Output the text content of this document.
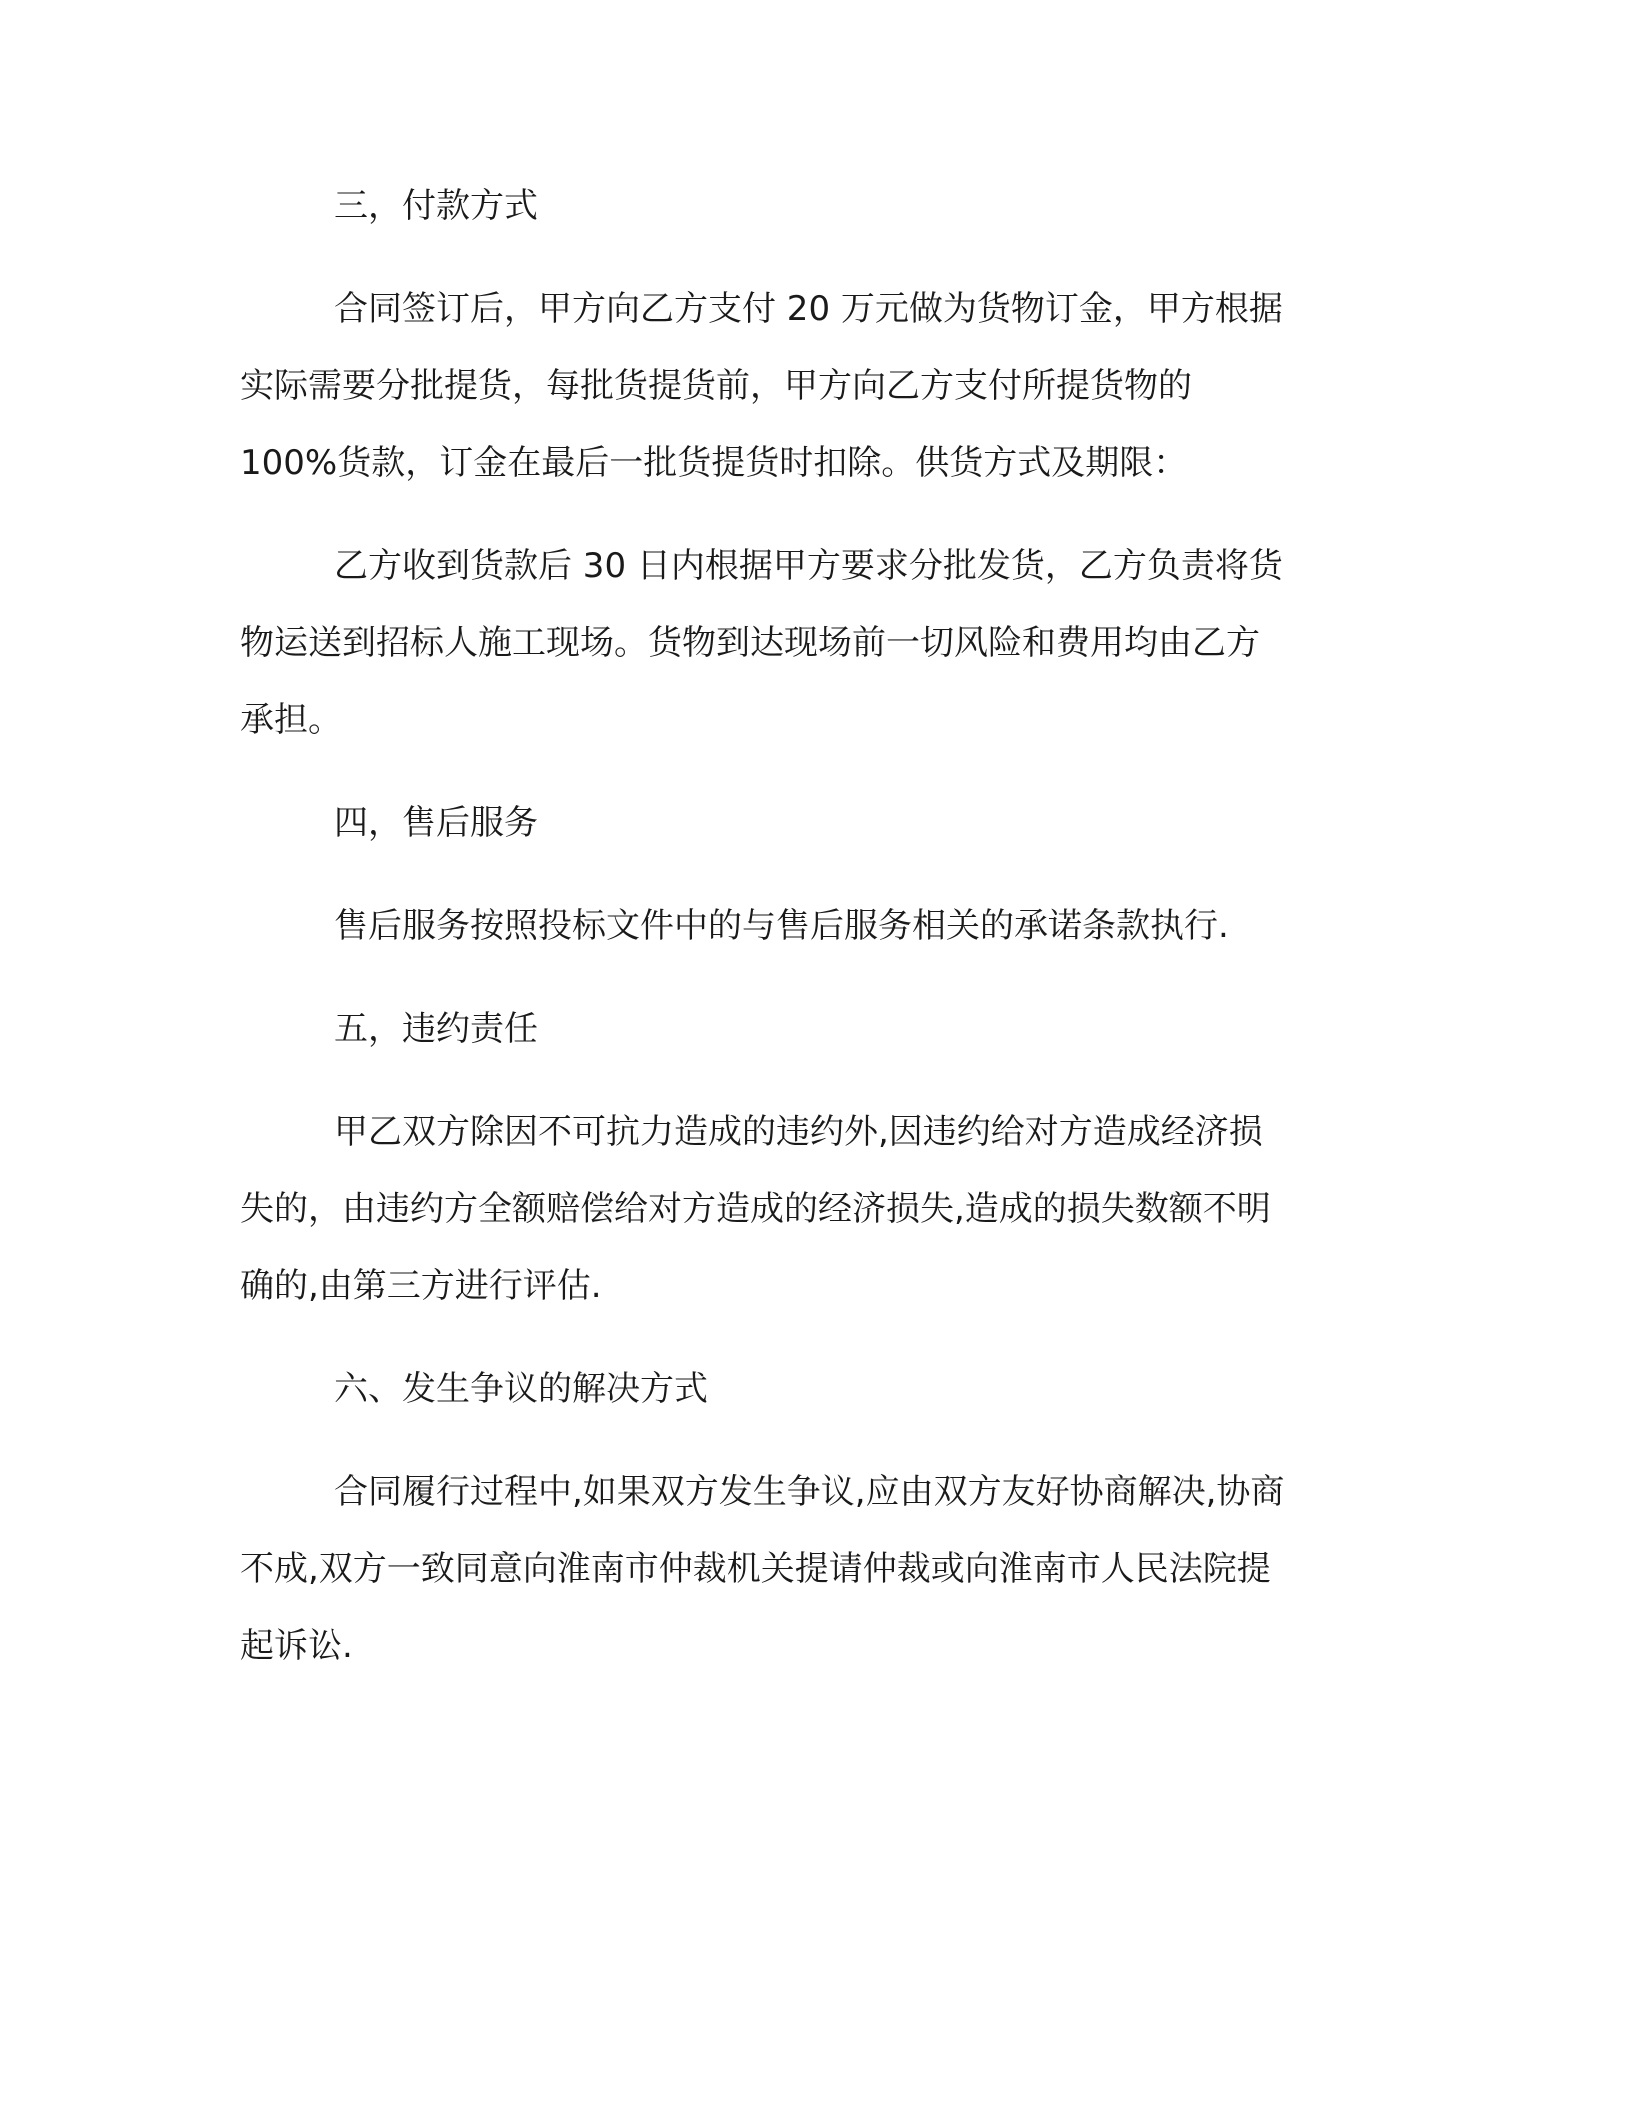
三，付款方式

合同签订后，甲方向乙方支付 20 万元做为货物订金，甲方根据
实际需要分批提货，每批货提货前，甲方向乙方支付所提货物的
100%货款，订金在最后一批货提货时扣除。供货方式及期限：
乙方收到货款后 30 日内根据甲方要求分批发货，乙方负责将货
物运送到招标人施工现场。货物到达现场前一切风险和费用均由乙方
承担。

四，售后服务

售后服务按照投标文件中的与售后服务相关的承诺条款执行.

五，违约责任

甲乙双方除因不可抗力造成的违约外,因违约给对方造成经济损
失的，由违约方全额赔偿给对方造成的经济损失,造成的损失数额不明
确的,由第三方进行评估.

六、发生争议的解决方式

合同履行过程中,如果双方发生争议,应由双方友好协商解决,协商
不成,双方一致同意向淮南市仲裁机关提请仲裁或向淮南市人民法院提
起诉讼.
